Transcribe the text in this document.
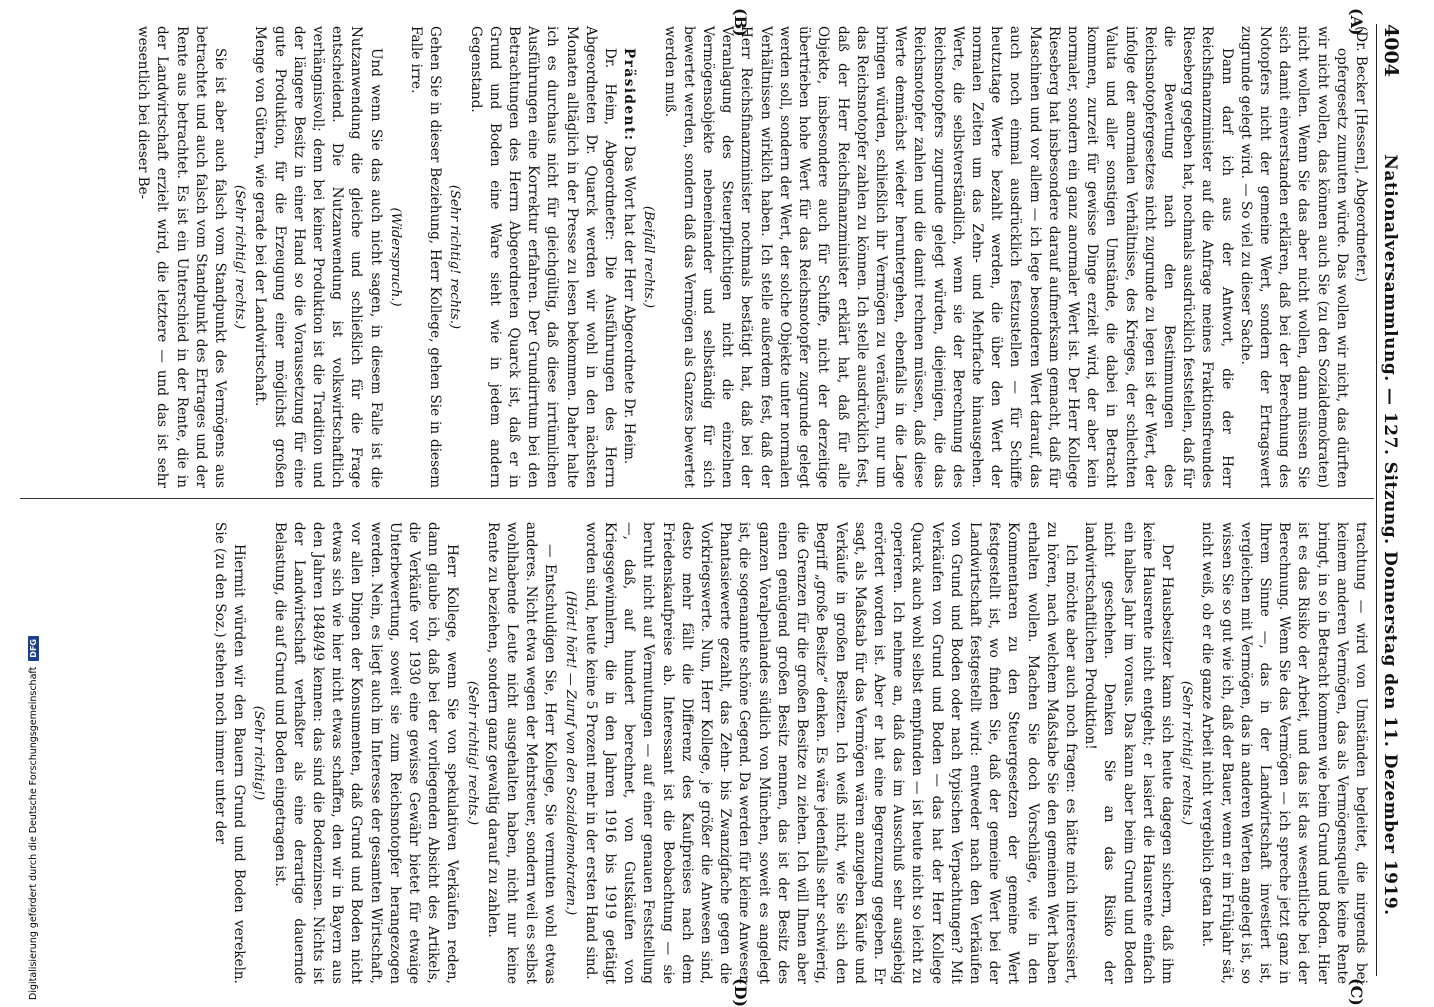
4004
Nationalversammlung. — 127. Sitzung. Donnerstag den 11. Dezember 1919.
(A)
(B)
(C)
(D)

(Dr. Becker [Hessen], Abgeordneter.)

opfergesetz zumuten würde. Das wollen wir nicht, das dürften wir nicht wollen, das können auch Sie (zu den Sozialdemokraten) nicht wollen. Wenn Sie das aber nicht wollen, dann müssen Sie sich damit einverstanden erklären, daß bei der Berechnung des Notopfers nicht der gemeine Wert, sondern der Ertragswert zugrunde gelegt wird. — So viel zu dieser Sache.

Dann darf ich aus der Antwort, die der Herr Reichsfinanzminister auf die Anfrage meines Fraktionsfreundes Rieseberg gegeben hat, nochmals ausdrücklich feststellen, daß für die Bewertung nach den Bestimmungen des Reichsnotopfergesetzes nicht zugrunde zu legen ist der Wert, der infolge der anormalen Verhältnisse, des Krieges, der schlechten Valuta und aller sonstigen Umstände, die dabei in Betracht kommen, zurzeit für gewisse Dinge erzielt wird, der aber kein normaler, sondern ein ganz anormaler Wert ist. Der Herr Kollege Rieseberg hat insbesondere darauf aufmerksam gemacht, daß für Maschinen und vor allem — ich lege besonderen Wert darauf, das auch noch einmal ausdrücklich festzustellen — für Schiffe heutzutage Werte bezahlt werden, die über den Wert der normalen Zeiten um das Zehn- und Mehrfache hinausgehen. Werte, die selbstverständlich, wenn sie der Berechnung des Reichsnotopfers zugrunde gelegt würden, diejenigen, die das Reichsnotopfer zahlen und die damit rechnen müssen, daß diese Werte demnächst wieder heruntergehen, ebenfalls in die Lage bringen würden, schließlich ihr Vermögen zu veräußern, nur um das Reichsnotopfer zahlen zu können. Ich stelle ausdrücklich fest, daß der Herr Reichsfinanzminister erklärt hat, daß für alle Objekte, insbesondere auch für Schiffe, nicht der derzeitige übertrieben hohe Wert für das Reichsnotopfer zugrunde gelegt werden soll, sondern der Wert, der solche Objekte unter normalen Verhältnissen wirklich haben. Ich stelle außerdem fest, daß der Herr Reichsfinanzminister nochmals bestätigt hat, daß bei der Veranlagung des Steuerpflichtigen nicht die einzelnen Vermögensobjekte nebeneinander und selbständig für sich bewertet werden, sondern daß das Vermögen als Ganzes bewertet werden muß.

(Beifall rechts.)

Präsident: Das Wort hat der Herr Abgeordnete Dr. Heim.

Dr. Heim, Abgeordneter: Die Ausführungen des Herrn Abgeordneten Dr. Quarck werden wir wohl in den nächsten Monaten alltäglich in der Presse zu lesen bekommen. Daher halte ich es durchaus nicht für gleichgültig, daß diese irrtümlichen Ausführungen eine Korrektur erfahren. Der Grundirrtum bei den Betrachtungen des Herrn Abgeordneten Quarck ist, daß er in Grund und Boden eine Ware sieht wie in jedem andern Gegenstand.

(Sehr richtig! rechts.)

Gehen Sie in dieser Beziehung, Herr Kollege, gehen Sie in diesem Falle irre.

(Widerspruch.)

Und wenn Sie das auch nicht sagen, in diesem Falle ist die Nutzanwendung die gleiche und schließlich für die Frage entscheidend. Die Nutzanwendung ist volkswirtschaftlich verhängnisvoll; denn bei keiner Produktion ist die Tradition und der längere Besitz in einer Hand so die Voraussetzung für eine gute Produktion, für die Erzeugung einer möglichst großen Menge von Gütern, wie gerade bei der Landwirtschaft.

(Sehr richtig! rechts.)

Sie ist aber auch falsch vom Standpunkt des Vermögens aus betrachtet und auch falsch vom Standpunkt des Ertrages und der Rente aus betrachtet. Es ist ein Unterschied in der Rente, die in der Landwirtschaft erzielt wird, die letztere — und das ist sehr wesentlich bei dieser Be-

trachtung — wird von Umständen begleitet, die nirgends bei keinem anderen Vermögen, das als Vermögensquelle keine Rente bringt, in so in Betracht kommen wie beim Grund und Boden. Hier ist es das Risiko der Arbeit, und das ist das wesentliche bei der Berechnung. Wenn Sie das Vermögen — ich spreche jetzt ganz in Ihrem Sinne —, das in der Landwirtschaft investiert ist, vergleichen mit Vermögen, das in anderen Werten angelegt ist, so wissen Sie so gut wie ich, daß der Bauer, wenn er im Frühjahr sät, nicht weiß, ob er die ganze Arbeit nicht vergeblich getan hat.

(Sehr richtig! rechts.)

Der Hausbesitzer kann sich heute dagegen sichern, daß ihm keine Hausrente nicht entgeht; er lasiert die Hausrente einfach ein halbes Jahr im voraus. Das kann aber beim Grund und Boden nicht geschehen. Denken Sie an das Risiko der landwirtschaftlichen Produktion!

Ich möchte aber auch noch fragen: es hätte mich interessiert, zu hören, nach welchem Maßstabe Sie den gemeinen Wert haben erhalten wollen. Machen Sie doch Vorschläge, wie in den Kommentaren zu den Steuergesetzen der gemeine Wert festgestellt ist, wo finden Sie, daß der gemeine Wert bei der Landwirtschaft festgestellt wird: entweder nach den Verkäufen von Grund und Boden oder nach typischen Verpachtungen? Mit Verkäufen von Grund und Boden — das hat der Herr Kollege Quarck auch wohl selbst empfunden — ist heute nicht so leicht zu operieren. Ich nehme an, daß das im Ausschuß sehr ausgiebig erörtert worden ist. Aber er hat eine Begrenzung gegeben. Er sagt, als Maßstab für das Vermögen wären anzugeben Käufe und Verkäufe in großen Besitzen. Ich weiß nicht, wie Sie sich den Begriff „große Besitze“ denken. Es wäre jedenfalls sehr schwierig, die Grenzen für die großen Besitze zu ziehen. Ich will Ihnen aber einen genügend großen Besitz nennen, das ist der Besitz des ganzen Voralpenlandes südlich von München, soweit es angelegt ist, die sogenannte schöne Gegend. Da werden für kleine Anwesen Phantasiewerte gezahlt, das Zehn- bis Zwanzigfache gegen die Vorkriegswerte. Nun, Herr Kollege, je größer die Anwesen sind, desto mehr fällt die Differenz des Kaufpreises nach dem Friedenskaufpreise ab. Interessant ist die Beobachtung — sie beruht nicht auf Vermutungen — auf einer genauen Feststellung —, daß, auf hundert berechnet, von Gutskäufen von Kriegsgewinnlern, die in den Jahren 1916 bis 1919 getätigt worden sind, heute keine 5 Prozent mehr in der ersten Hand sind.

(Hört! hört! — Zuruf von den Sozialdemokraten.)

— Entschuldigen Sie, Herr Kollege, Sie vermuten wohl etwas anderes. Nicht etwa wegen der Mehrsteuer, sondern weil es selbst wohlhabende Leute nicht ausgehalten haben, nicht nur keine Rente zu beziehen, sondern ganz gewaltig darauf zu zahlen.

(Sehr richtig! rechts.)

Herr Kollege, wenn Sie von spekulativen Verkäufen reden, dann glaube ich, daß bei der vorliegenden Absicht des Artikels, die Verkäufe vor 1930 eine gewisse Gewähr bietet für etwaige Unterbewertung, soweit sie zum Reichsnotopfer herangezogen werden. Nein, es liegt auch im Interesse der gesamten Wirtschaft, vor allen Dingen der Konsumenten, daß Grund und Boden nicht etwas sich wie hier nicht etwas schaffen, den wir in Bayern aus den Jahren 1848/49 kennen: das sind die Bodenzinsen. Nichts ist der Landwirtschaft verhaßter als eine derartige dauernde Belastung, die auf Grund und Boden eingetragen ist.

(Sehr richtig!)

Hiermit würden wir den Bauern Grund und Boden verekeln. Sie (zu den Soz.) stehen noch immer unter der

Digitalisierung gefördert durch die Deutsche Forschungsgemeinschaft
DFG
